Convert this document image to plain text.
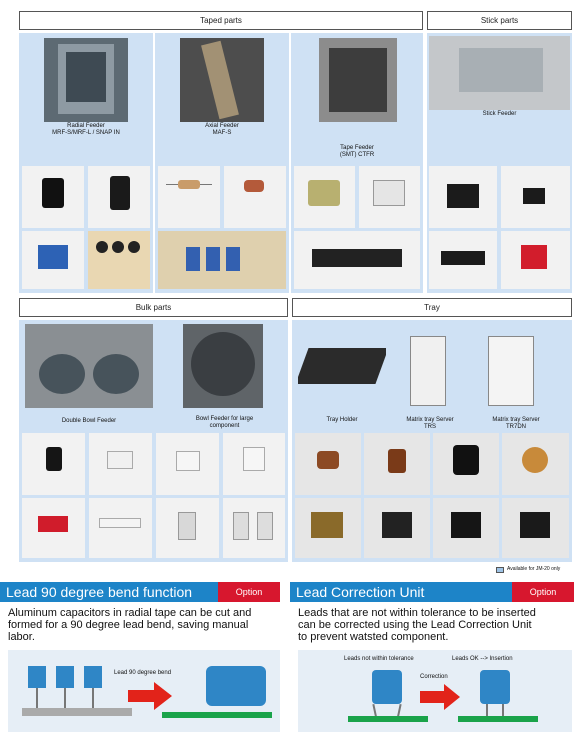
Taped parts	Stick parts
Radial Feeder
MRF-S/MRF-L / SNAP IN
Axial Feeder
MAF-S
Tape Feeder
(SMT) CTFR
Stick Feeder
Bulk parts	Tray
Double Bowl Feeder	Bowl Feeder for large
component
Tray Holder	Matrix tray Server
TRS
Matrix tray Server
TR7DN
Available for JM-20 only
Lead 90 degree bend function	Option
Aluminum capacitors in radial tape can be cut and
formed for a 90 degree lead bend, saving manual
labor.
Lead 90 degree bend
Lead Correction Unit	Option
Leads that are not within tolerance to be inserted
can be corrected using the Lead Correction Unit
to prevent watsted component.
Leads not within tolerance	Leads OK --> Insertion
Correction
